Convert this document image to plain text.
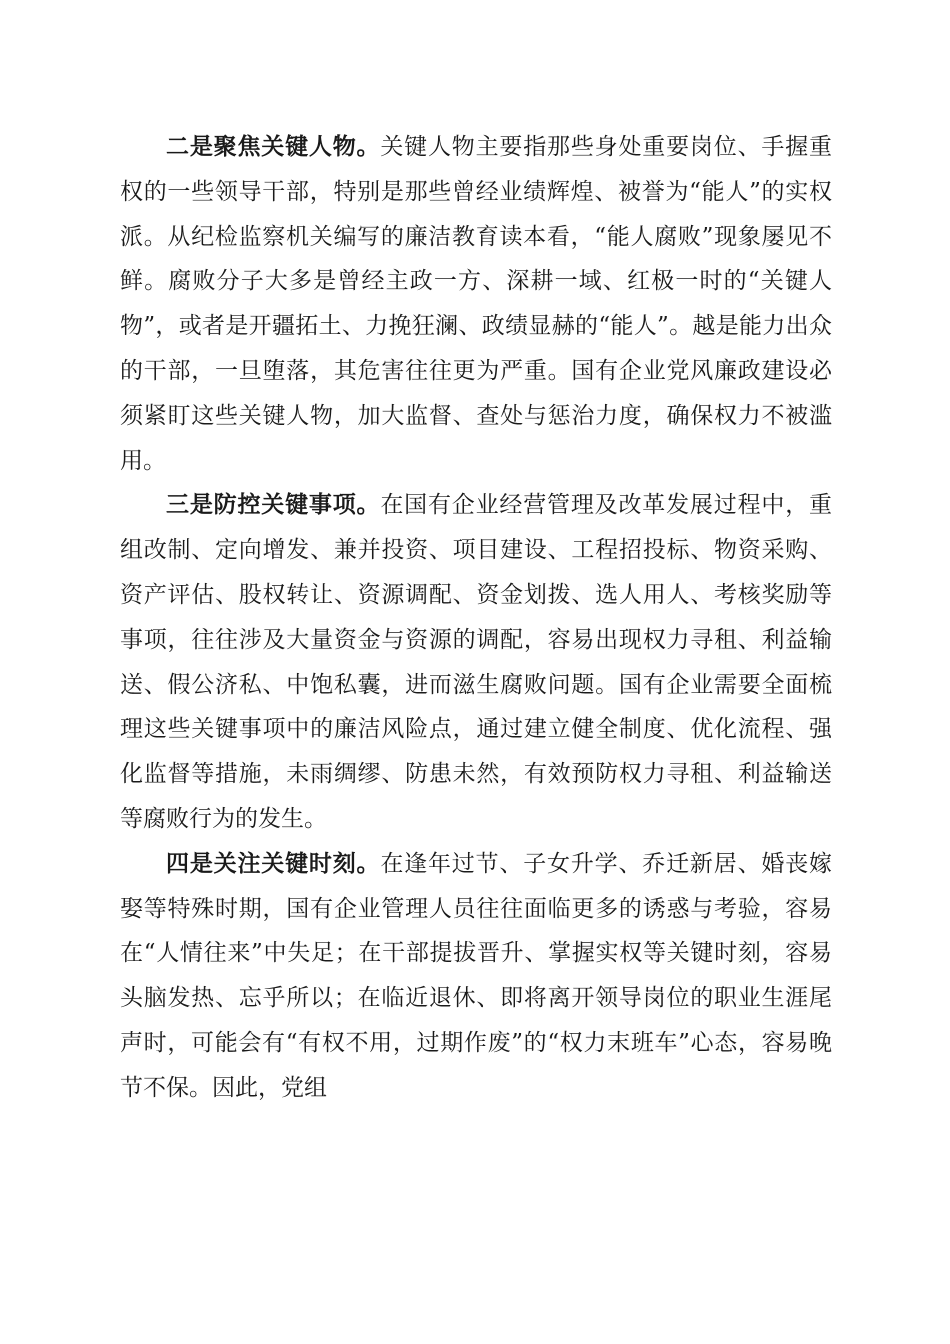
二是聚焦关键人物。关键人物主要指那些身处重要岗位、手握重权的一些领导干部，特别是那些曾经业绩辉煌、被誉为“能人”的实权派。从纪检监察机关编写的廉洁教育读本看，“能人腐败”现象屡见不鲜。腐败分子大多是曾经主政一方、深耕一域、红极一时的“关键人物”，或者是开疆拓土、力挽狂澜、政绩显赫的“能人”。越是能力出众的干部，一旦堕落，其危害往往更为严重。国有企业党风廉政建设必须紧盯这些关键人物，加大监督、查处与惩治力度，确保权力不被滥用。

三是防控关键事项。在国有企业经营管理及改革发展过程中，重组改制、定向增发、兼并投资、项目建设、工程招投标、物资采购、资产评估、股权转让、资源调配、资金划拨、选人用人、考核奖励等事项，往往涉及大量资金与资源的调配，容易出现权力寻租、利益输送、假公济私、中饱私囊，进而滋生腐败问题。国有企业需要全面梳理这些关键事项中的廉洁风险点，通过建立健全制度、优化流程、强化监督等措施，未雨绸缪、防患未然，有效预防权力寻租、利益输送等腐败行为的发生。

四是关注关键时刻。在逢年过节、子女升学、乔迁新居、婚丧嫁娶等特殊时期，国有企业管理人员往往面临更多的诱惑与考验，容易在“人情往来”中失足；在干部提拔晋升、掌握实权等关键时刻，容易头脑发热、忘乎所以；在临近退休、即将离开领导岗位的职业生涯尾声时，可能会有“有权不用，过期作废”的“权力末班车”心态，容易晚节不保。因此，党组
